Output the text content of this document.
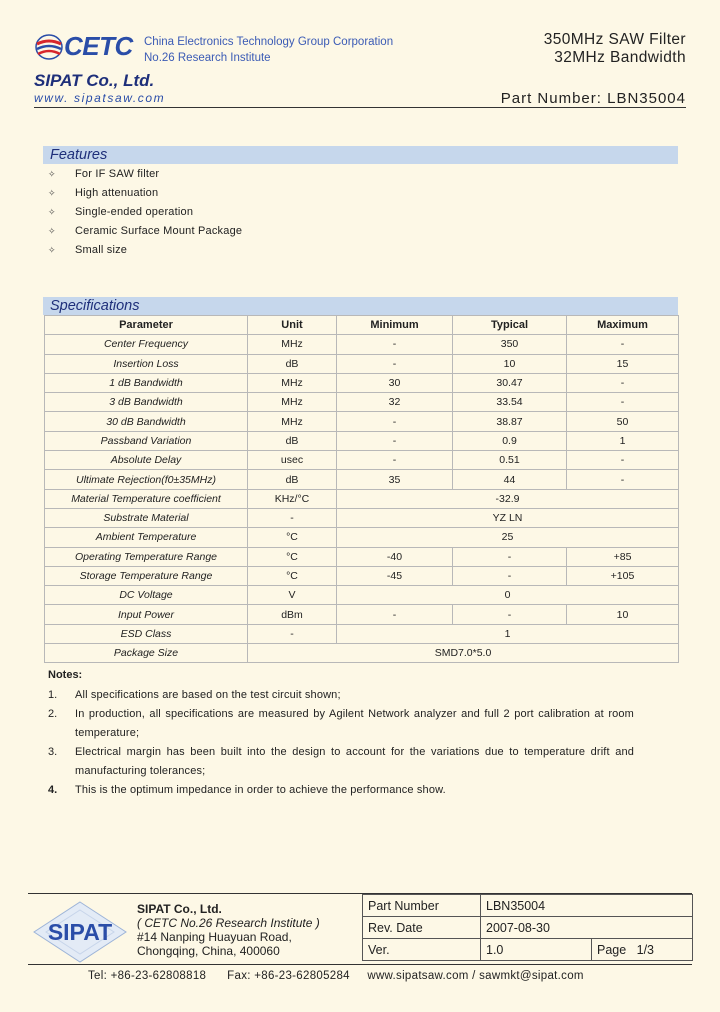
CETC China Electronics Technology Group Corporation
No.26 Research Institute
SIPAT Co., Ltd.
www. sipatsaw.com
350MHz SAW Filter
32MHz Bandwidth
Part Number: LBN35004
Features
✧	For IF SAW filter
✧	High attenuation
✧	Single-ended operation
✧	Ceramic Surface Mount Package
✧	Small size
Specifications
Parameter	Unit	Minimum	Typical	Maximum
Center Frequency	MHz	-	350	-
Insertion Loss	dB	-	10	15
1 dB Bandwidth	MHz	30	30.47	-
3 dB Bandwidth	MHz	32	33.54	-
30 dB Bandwidth	MHz	-	38.87	50
Passband Variation	dB	-	0.9	1
Absolute Delay	usec	-	0.51	-
Ultimate Rejection(f0±35MHz)	dB	35	44	-
Material Temperature coefficient	KHz/°C	-32.9		
Substrate Material	-	YZ LN		
Ambient Temperature	°C	25		
Operating Temperature Range	°C	-40	-	+85
Storage Temperature Range	°C	-45	-	+105
DC Voltage	V	0		
Input Power	dBm	-	-	10
ESD Class	-	1		
Package Size	SMD7.0*5.0			
Notes:
1.	All specifications are based on the test circuit shown;
2.	In production, all specifications are measured by Agilent Network analyzer and full 2 port calibration at room temperature;
3.	Electrical margin has been built into the design to account for the variations due to temperature drift and manufacturing tolerances;
4.	This is the optimum impedance in order to achieve the performance show.
SIPAT
SIPAT Co., Ltd.
( CETC No.26 Research Institute )
#14 Nanping Huayuan Road,
Chongqing, China, 400060
Part Number	LBN35004	
Rev. Date	2007-08-30	
Ver.	1.0	Page 1/3
Tel: +86-23-62808818      Fax: +86-23-62805284     www.sipatsaw.com / sawmkt@sipat.com
